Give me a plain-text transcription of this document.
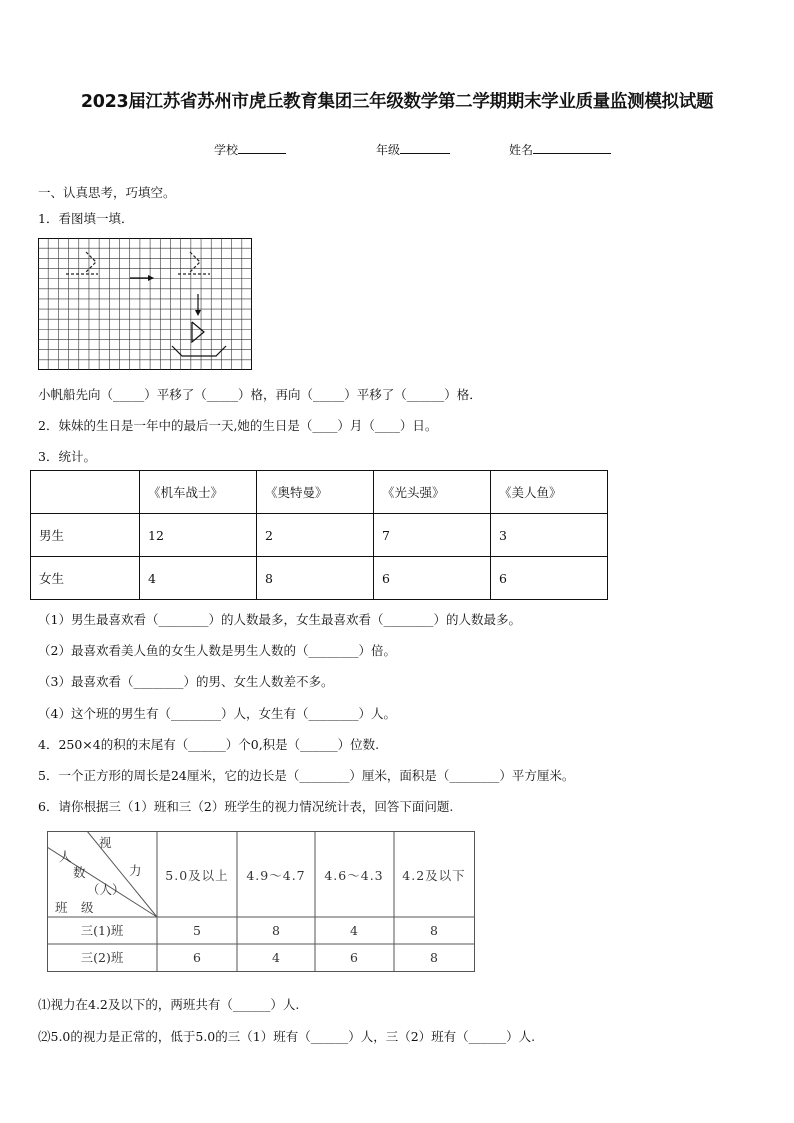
2023届江苏省苏州市虎丘教育集团三年级数学第二学期期末学业质量监测模拟试题
学校	年级	姓名
一、认真思考，巧填空。
1．看图填一填．
小帆船先向（_____）平移了（_____）格，再向（_____）平移了（______）格．
2．妹妹的生日是一年中的最后一天,她的生日是（____）月（____）日。
3．统计。
	《机车战士》	《奥特曼》	《光头强》	《美人鱼》
男生	12	2	7	3
女生	4	8	6	6
（1）男生最喜欢看（________）的人数最多，女生最喜欢看（________）的人数最多。
（2）最喜欢看美人鱼的女生人数是男生人数的（________）倍。
（3）最喜欢看（________）的男、女生人数差不多。
（4）这个班的男生有（________）人，女生有（________）人。
4．250×4的积的末尾有（______）个0,积是（______）位数.
5．一个正方形的周长是24厘米，它的边长是（________）厘米，面积是（________）平方厘米。
6．请你根据三（1）班和三（2）班学生的视力情况统计表，回答下面问题.
视
人
力
数
（人）
班 级
5.0及以上 4.9～4.7 4.6～4.3 4.2及以下
三(1)班	5	8	4	8
三(2)班	6	4	6	8
⑴视力在4.2及以下的，两班共有（______）人.
⑵5.0的视力是正常的，低于5.0的三（1）班有（______）人，三（2）班有（______）人.
